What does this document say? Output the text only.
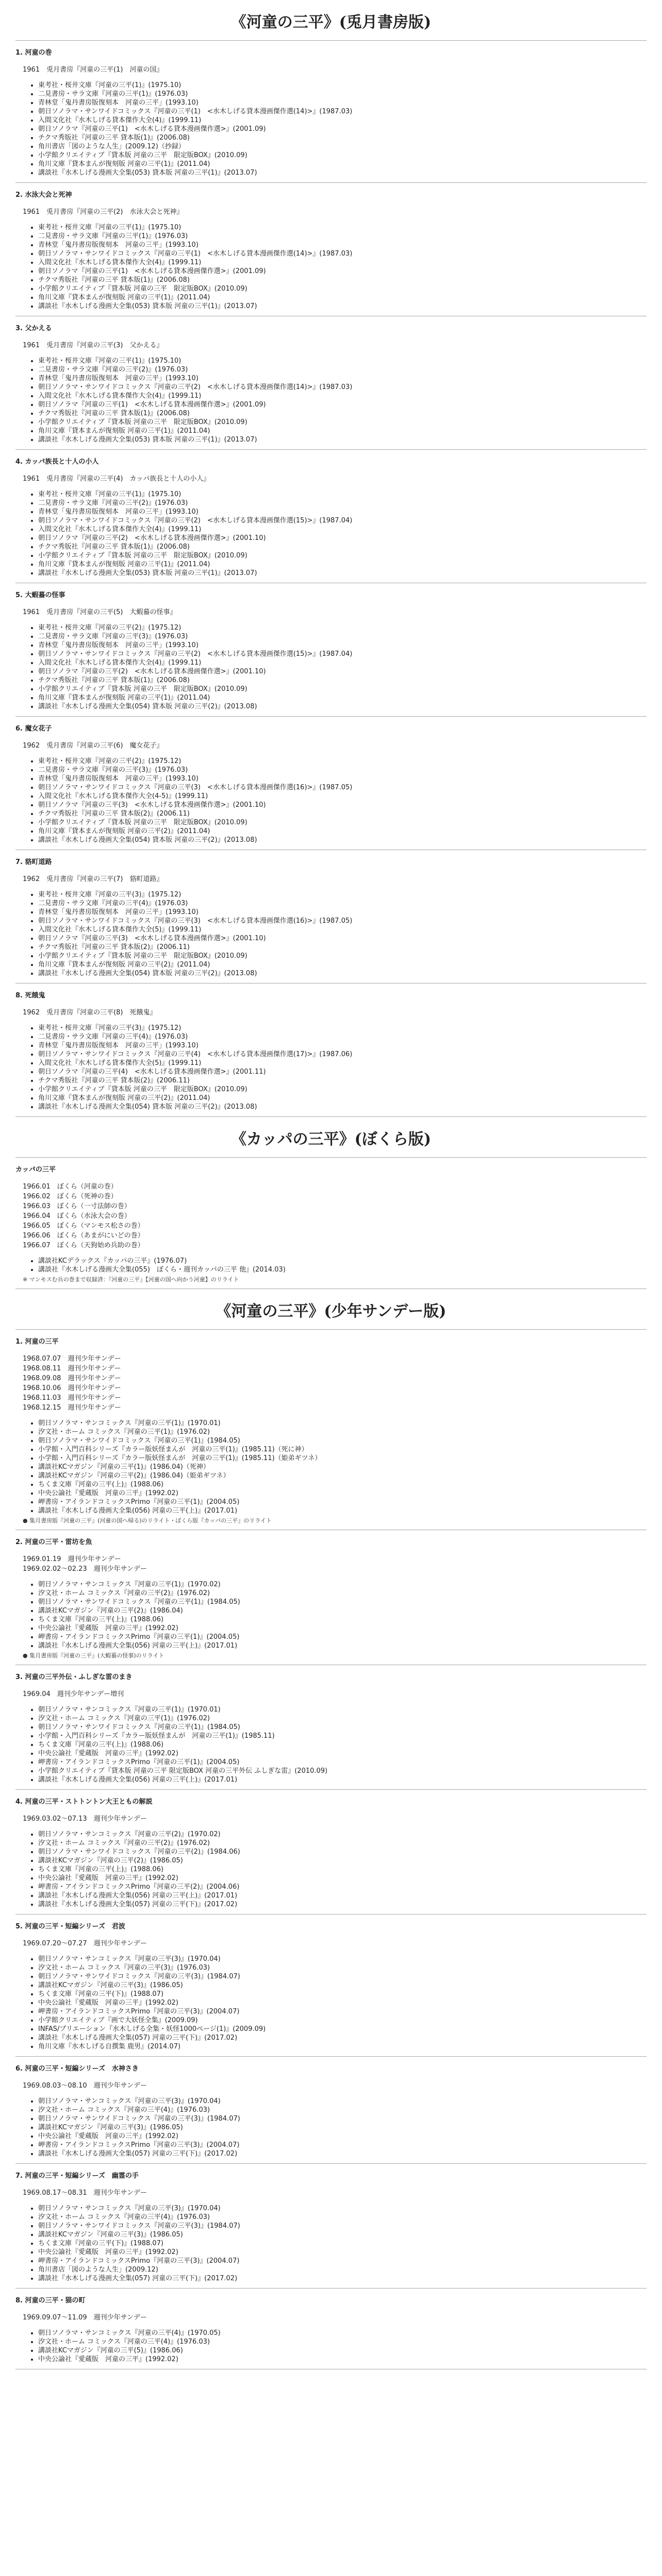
《河童の三平》(兎月書房版)
1. 河童の巻
1961　兎月書房『河童の三平(1)　河童の国』
• 東考社・桜井文庫『河童の三平(1)』(1975.10)
• 二見書房・サラ文庫『河童の三平(1)』(1976.03)
• 青林堂「鬼丹書房版復刻本　河童の三平」(1993.10)
• 朝日ソノラマ・サンワイドコミックス『河童の三平(1)　<水木しげる貸本漫画傑作選(14)>』(1987.03)
• 入間文化社『水木しげる貸本傑作大全(4)』(1999.11)
• 朝日ソノラマ『河童の三平(1)　<水木しげる貸本漫画傑作選>』(2001.09)
• チクマ秀版社『河童の三平 貸本版(1)』(2006.08)
• 角川書店「図のような人生」(2009.12)（抄録）
• 小学館クリエイティブ『貸本版 河童の三平　限定版BOX』(2010.09)
• 角川文庫『貸本まんが復刻版 河童の三平(1)』(2011.04)
• 講談社『水木しげる漫画大全集(053) 貸本版 河童の三平(1)』(2013.07)
2. 水泳大会と死神
1961　兎月書房『河童の三平(2)　水泳大会と死神』
• 東考社・桜井文庫『河童の三平(1)』(1975.10)
• 二見書房・サラ文庫『河童の三平(1)』(1976.03)
• 青林堂「鬼丹書房版復刻本　河童の三平」(1993.10)
• 朝日ソノラマ・サンワイドコミックス『河童の三平(1)　<水木しげる貸本漫画傑作選(14)>』(1987.03)
• 入間文化社『水木しげる貸本傑作大全(4)』(1999.11)
• 朝日ソノラマ『河童の三平(1)　<水木しげる貸本漫画傑作選>』(2001.09)
• チクマ秀版社『河童の三平 貸本版(1)』(2006.08)
• 小学館クリエイティブ『貸本版 河童の三平　限定版BOX』(2010.09)
• 角川文庫『貸本まんが復刻版 河童の三平(1)』(2011.04)
• 講談社『水木しげる漫画大全集(053) 貸本版 河童の三平(1)』(2013.07)
3. 父かえる
1961　兎月書房『河童の三平(3)　父かえる』
• 東考社・桜井文庫『河童の三平(1)』(1975.10)
• 二見書房・サラ文庫『河童の三平(2)』(1976.03)
• 青林堂「鬼丹書房版復刻本　河童の三平」(1993.10)
• 朝日ソノラマ・サンワイドコミックス『河童の三平(2)　<水木しげる貸本漫画傑作選(14)>』(1987.03)
• 入間文化社『水木しげる貸本傑作大全(4)』(1999.11)
• 朝日ソノラマ『河童の三平(1)　<水木しげる貸本漫画傑作選>』(2001.09)
• チクマ秀版社『河童の三平 貸本版(1)』(2006.08)
• 小学館クリエイティブ『貸本版 河童の三平　限定版BOX』(2010.09)
• 角川文庫『貸本まんが復刻版 河童の三平(1)』(2011.04)
• 講談社『水木しげる漫画大全集(053) 貸本版 河童の三平(1)』(2013.07)
4. カッパ族長と十人の小人
1961　兎月書房『河童の三平(4)　カッパ族長と十人の小人』
• 東考社・桜井文庫『河童の三平(1)』(1975.10)
• 二見書房・サラ文庫『河童の三平(2)』(1976.03)
• 青林堂「鬼丹書房版復刻本　河童の三平」(1993.10)
• 朝日ソノラマ・サンワイドコミックス『河童の三平(2)　<水木しげる貸本漫画傑作選(15)>』(1987.04)
• 入間文化社『水木しげる貸本傑作大全(4)』(1999.11)
• 朝日ソノラマ『河童の三平(2)　<水木しげる貸本漫画傑作選>』(2001.10)
• チクマ秀版社『河童の三平 貸本版(1)』(2006.08)
• 小学館クリエイティブ『貸本版 河童の三平　限定版BOX』(2010.09)
• 角川文庫『貸本まんが復刻版 河童の三平(1)』(2011.04)
• 講談社『水木しげる漫画大全集(053) 貸本版 河童の三平(1)』(2013.07)
5. 大蝦蟇の怪事
1961　兎月書房『河童の三平(5)　大蝦蟇の怪事』
• 東考社・桜井文庫『河童の三平(2)』(1975.12)
• 二見書房・サラ文庫『河童の三平(3)』(1976.03)
• 青林堂「鬼丹書房版復刻本　河童の三平」(1993.10)
• 朝日ソノラマ・サンワイドコミックス『河童の三平(2)　<水木しげる貸本漫画傑作選(15)>』(1987.04)
• 入間文化社『水木しげる貸本傑作大全(4)』(1999.11)
• 朝日ソノラマ『河童の三平(2)　<水木しげる貸本漫画傑作選>』(2001.10)
• チクマ秀版社『河童の三平 貸本版(1)』(2006.08)
• 小学館クリエイティブ『貸本版 河童の三平　限定版BOX』(2010.09)
• 角川文庫『貸本まんが復刻版 河童の三平(1)』(2011.04)
• 講談社『水木しげる漫画大全集(054) 貸本版 河童の三平(2)』(2013.08)
6. 魔女花子
1962　兎月書房『河童の三平(6)　魔女花子』
• 東考社・桜井文庫『河童の三平(2)』(1975.12)
• 二見書房・サラ文庫『河童の三平(3)』(1976.03)
• 青林堂「鬼丹書房版復刻本　河童の三平」(1993.10)
• 朝日ソノラマ・サンワイドコミックス『河童の三平(3)　<水木しげる貸本漫画傑作選(16)>』(1987.05)
• 入間文化社『水木しげる貸本傑作大全(4-5)』(1999.11)
• 朝日ソノラマ『河童の三平(3)　<水木しげる貸本漫画傑作選>』(2001.10)
• チクマ秀版社『河童の三平 貸本版(2)』(2006.11)
• 小学館クリエイティブ『貸本版 河童の三平　限定版BOX』(2010.09)
• 角川文庫『貸本まんが復刻版 河童の三平(2)』(2011.04)
• 講談社『水木しげる漫画大全集(054) 貸本版 河童の三平(2)』(2013.08)
7. 貉町道路
1962　兎月書房『河童の三平(7)　貉町道路』
• 東考社・桜井文庫『河童の三平(3)』(1975.12)
• 二見書房・サラ文庫『河童の三平(4)』(1976.03)
• 青林堂「鬼丹書房版復刻本　河童の三平」(1993.10)
• 朝日ソノラマ・サンワイドコミックス『河童の三平(3)　<水木しげる貸本漫画傑作選(16)>』(1987.05)
• 入間文化社『水木しげる貸本傑作大全(5)』(1999.11)
• 朝日ソノラマ『河童の三平(3)　<水木しげる貸本漫画傑作選>』(2001.10)
• チクマ秀版社『河童の三平 貸本版(2)』(2006.11)
• 小学館クリエイティブ『貸本版 河童の三平　限定版BOX』(2010.09)
• 角川文庫『貸本まんが復刻版 河童の三平(2)』(2011.04)
• 講談社『水木しげる漫画大全集(054) 貸本版 河童の三平(2)』(2013.08)
8. 死餓鬼
1962　兎月書房『河童の三平(8)　死餓鬼』
• 東考社・桜井文庫『河童の三平(3)』(1975.12)
• 二見書房・サラ文庫『河童の三平(4)』(1976.03)
• 青林堂「鬼丹書房版復刻本　河童の三平」(1993.10)
• 朝日ソノラマ・サンワイドコミックス『河童の三平(4)　<水木しげる貸本漫画傑作選(17)>』(1987.06)
• 入間文化社『水木しげる貸本傑作大全(5)』(1999.11)
• 朝日ソノラマ『河童の三平(4)　<水木しげる貸本漫画傑作選>』(2001.11)
• チクマ秀版社『河童の三平 貸本版(2)』(2006.11)
• 小学館クリエイティブ『貸本版 河童の三平　限定版BOX』(2010.09)
• 角川文庫『貸本まんが復刻版 河童の三平(2)』(2011.04)
• 講談社『水木しげる漫画大全集(054) 貸本版 河童の三平(2)』(2013.08)
《カッパの三平》(ぼくら版)
カッパの三平
1966.01　ぼくら（河童の巻）
1966.02　ぼくら（死神の巻）
1966.03　ぼくら（一寸法師の巻）
1966.04　ぼくら（水泳大会の巻）
1966.05　ぼくら（マンモス松さの巻）
1966.06　ぼくら（あまがにいどの巻）
1966.07　ぼくら（天狗始め兵助の巻）
• 講談社KCデラックス『カッパの三平』(1976.07)
• 講談社『水木しげる漫画大全集(055)　ぼくら・週刊カッパの三平 他』(2014.03)
※ マンモスむ兵の巻まで収録済：『河童の三平』【河童の国へ向かう河童】のリライト
《河童の三平》(少年サンデー版)
1. 河童の三平
1968.07.07　週刊少年サンデー
1968.08.11　週刊少年サンデー
1968.09.08　週刊少年サンデー
1968.10.06　週刊少年サンデー
1968.11.03　週刊少年サンデー
1968.12.15　週刊少年サンデー
• 朝日ソノラマ・サンコミックス『河童の三平(1)』(1970.01)
• 汐文社・ホーム コミックス『河童の三平(1)』(1976.02)
• 朝日ソノラマ・サンワイドコミックス『河童の三平(1)』(1984.05)
• 小学館・入門百科シリーズ『カラー版妖怪まんが　河童の三平(1)』(1985.11)（死に神）
• 小学館・入門百科シリーズ『カラー版妖怪まんが　河童の三平(1)』(1985.11)（姫弟ギツネ）
• 講談社KCマガジン『河童の三平(1)』(1986.04)（死神）
• 講談社KCマガジン『河童の三平(2)』(1986.04)（姫弟ギツネ）
• ちくま文庫『河童の三平(上)』(1988.06)
• 中央公論社『愛蔵版　河童の三平』(1992.02)
• 岬書房・アイランドコミックスPrimo『河童の三平(1)』(2004.05)
• 講談社『水木しげる漫画大全集(056) 河童の三平(上)』(2017.01)
● 集月書房版『河童の三平』(河童の国へ帰る)のリライト・ぼくら版『カッパの三平』のリライト
2. 河童の三平・雷坊を魚
1969.01.19　週刊少年サンデー
1969.02.02〜02.23　週刊少年サンデー
• 朝日ソノラマ・サンコミックス『河童の三平(1)』(1970.02)
• 汐文社・ホーム コミックス『河童の三平(2)』(1976.02)
• 朝日ソノラマ・サンワイドコミックス『河童の三平(1)』(1984.05)
• 講談社KCマガジン『河童の三平(2)』(1986.04)
• ちくま文庫『河童の三平(上)』(1988.06)
• 中央公論社『愛蔵版　河童の三平』(1992.02)
• 岬書房・アイランドコミックスPrimo『河童の三平(1)』(2004.05)
• 講談社『水木しげる漫画大全集(056) 河童の三平(上)』(2017.01)
● 集月書房版『河童の三平』(大蝦蟇の怪事)のリライト
3. 河童の三平外伝・ふしぎな雷のまき
1969.04　週刊少年サンデー増刊
• 朝日ソノラマ・サンコミックス『河童の三平(1)』(1970.01)
• 汐文社・ホーム コミックス『河童の三平(1)』(1976.02)
• 朝日ソノラマ・サンワイドコミックス『河童の三平(1)』(1984.05)
• 小学館・入門百科シリーズ『カラー版妖怪まんが　河童の三平(1)』(1985.11)
• ちくま文庫『河童の三平(上)』(1988.06)
• 中央公論社『愛蔵版　河童の三平』(1992.02)
• 岬書房・アイランドコミックスPrimo『河童の三平(1)』(2004.05)
• 小学館クリエイティブ『貸本版 河童の三平 限定版BOX 河童の三平外伝 ふしぎな雷』(2010.09)
• 講談社『水木しげる漫画大全集(056) 河童の三平(上)』(2017.01)
4. 河童の三平・ストトントン大王ともの解説
1969.03.02〜07.13　週刊少年サンデー
• 朝日ソノラマ・サンコミックス『河童の三平(2)』(1970.02)
• 汐文社・ホーム コミックス『河童の三平(2)』(1976.02)
• 朝日ソノラマ・サンワイドコミックス『河童の三平(2)』(1984.06)
• 講談社KCマガジン『河童の三平(2)』(1986.05)
• ちくま文庫『河童の三平(上)』(1988.06)
• 中央公論社『愛蔵版　河童の三平』(1992.02)
• 岬書房・アイランドコミックスPrimo『河童の三平(2)』(2004.06)
• 講談社『水木しげる漫画大全集(056) 河童の三平(上)』(2017.01)
• 講談社『水木しげる漫画大全集(057) 河童の三平(下)』(2017.02)
5. 河童の三平・短編シリーズ　君波
1969.07.20〜07.27　週刊少年サンデー
• 朝日ソノラマ・サンコミックス『河童の三平(3)』(1970.04)
• 汐文社・ホーム コミックス『河童の三平(3)』(1976.03)
• 朝日ソノラマ・サンワイドコミックス『河童の三平(3)』(1984.07)
• 講談社KCマガジン『河童の三平(3)』(1986.05)
• ちくま文庫『河童の三平(下)』(1988.07)
• 中央公論社『愛蔵版　河童の三平』(1992.02)
• 岬書房・アイランドコミックスPrimo『河童の三平(3)』(2004.07)
• 小学館クリエイティブ『画で大妖怪全集』(2009.09)
• INFAS/プリエーション『水木しげる全集・妖怪1000ページ(1)』(2009.09)
• 講談社『水木しげる漫画大全集(057) 河童の三平(下)』(2017.02)
• 角川文庫『水木しげる自撰集 鹿男』(2014.07)
6. 河童の三平・短編シリーズ　水神さき
1969.08.03〜08.10　週刊少年サンデー
• 朝日ソノラマ・サンコミックス『河童の三平(3)』(1970.04)
• 汐文社・ホーム コミックス『河童の三平(4)』(1976.03)
• 朝日ソノラマ・サンワイドコミックス『河童の三平(3)』(1984.07)
• 講談社KCマガジン『河童の三平(3)』(1986.05)
• 中央公論社『愛蔵版　河童の三平』(1992.02)
• 岬書房・アイランドコミックスPrimo『河童の三平(3)』(2004.07)
• 講談社『水木しげる漫画大全集(057) 河童の三平(下)』(2017.02)
7. 河童の三平・短編シリーズ　幽霊の手
1969.08.17〜08.31　週刊少年サンデー
• 朝日ソノラマ・サンコミックス『河童の三平(3)』(1970.04)
• 汐文社・ホーム コミックス『河童の三平(4)』(1976.03)
• 朝日ソノラマ・サンワイドコミックス『河童の三平(3)』(1984.07)
• 講談社KCマガジン『河童の三平(3)』(1986.05)
• ちくま文庫『河童の三平(下)』(1988.07)
• 中央公論社『愛蔵版　河童の三平』(1992.02)
• 岬書房・アイランドコミックスPrimo『河童の三平(3)』(2004.07)
• 角川書店「図のような人生」(2009.12)
• 講談社『水木しげる漫画大全集(057) 河童の三平(下)』(2017.02)
8. 河童の三平・猫の町
1969.09.07〜11.09　週刊少年サンデー
• 朝日ソノラマ・サンコミックス『河童の三平(4)』(1970.05)
• 汐文社・ホーム コミックス『河童の三平(4)』(1976.03)
• 講談社KCマガジン『河童の三平(5)』(1986.06)
• 中央公論社『愛蔵版　河童の三平』(1992.02)
